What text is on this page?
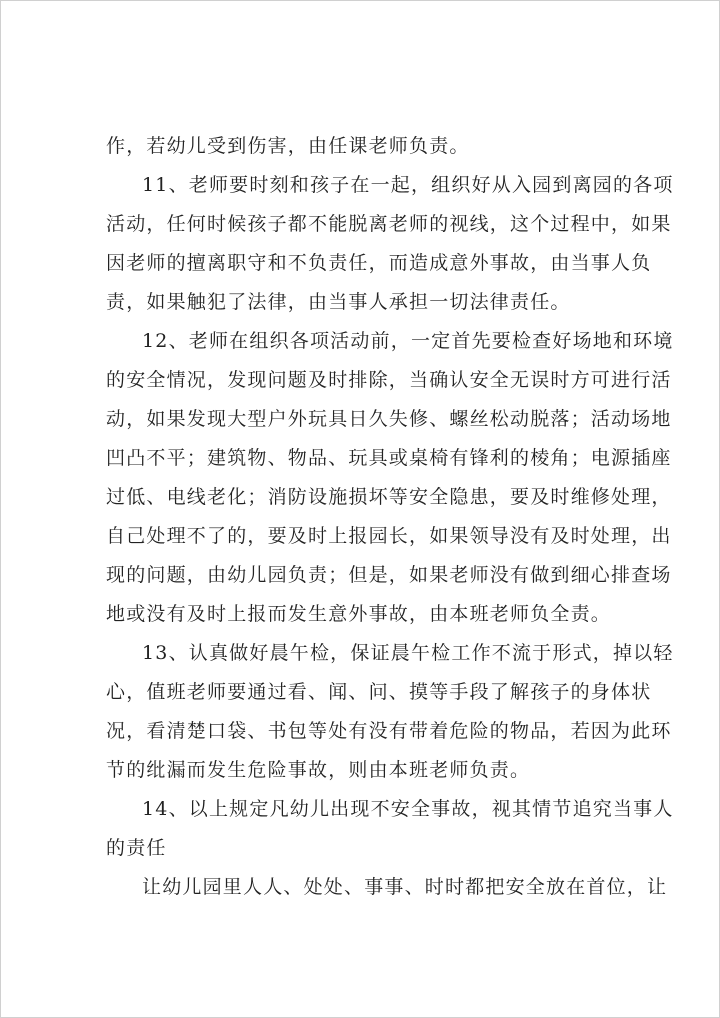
作，若幼儿受到伤害，由任课老师负责。
11、老师要时刻和孩子在一起，组织好从入园到离园的各项
活动，任何时候孩子都不能脱离老师的视线，这个过程中，如果
因老师的擅离职守和不负责任，而造成意外事故，由当事人负
责，如果触犯了法律，由当事人承担一切法律责任。
12、老师在组织各项活动前，一定首先要检查好场地和环境
的安全情况，发现问题及时排除，当确认安全无误时方可进行活
动，如果发现大型户外玩具日久失修、螺丝松动脱落；活动场地
凹凸不平；建筑物、物品、玩具或桌椅有锋利的棱角；电源插座
过低、电线老化；消防设施损坏等安全隐患，要及时维修处理，
自己处理不了的，要及时上报园长，如果领导没有及时处理，出
现的问题，由幼儿园负责；但是，如果老师没有做到细心排查场
地或没有及时上报而发生意外事故，由本班老师负全责。
13、认真做好晨午检，保证晨午检工作不流于形式，掉以轻
心，值班老师要通过看、闻、问、摸等手段了解孩子的身体状
况，看清楚口袋、书包等处有没有带着危险的物品，若因为此环
节的纰漏而发生危险事故，则由本班老师负责。
14、以上规定凡幼儿出现不安全事故，视其情节追究当事人
的责任
让幼儿园里人人、处处、事事、时时都把安全放在首位，让
